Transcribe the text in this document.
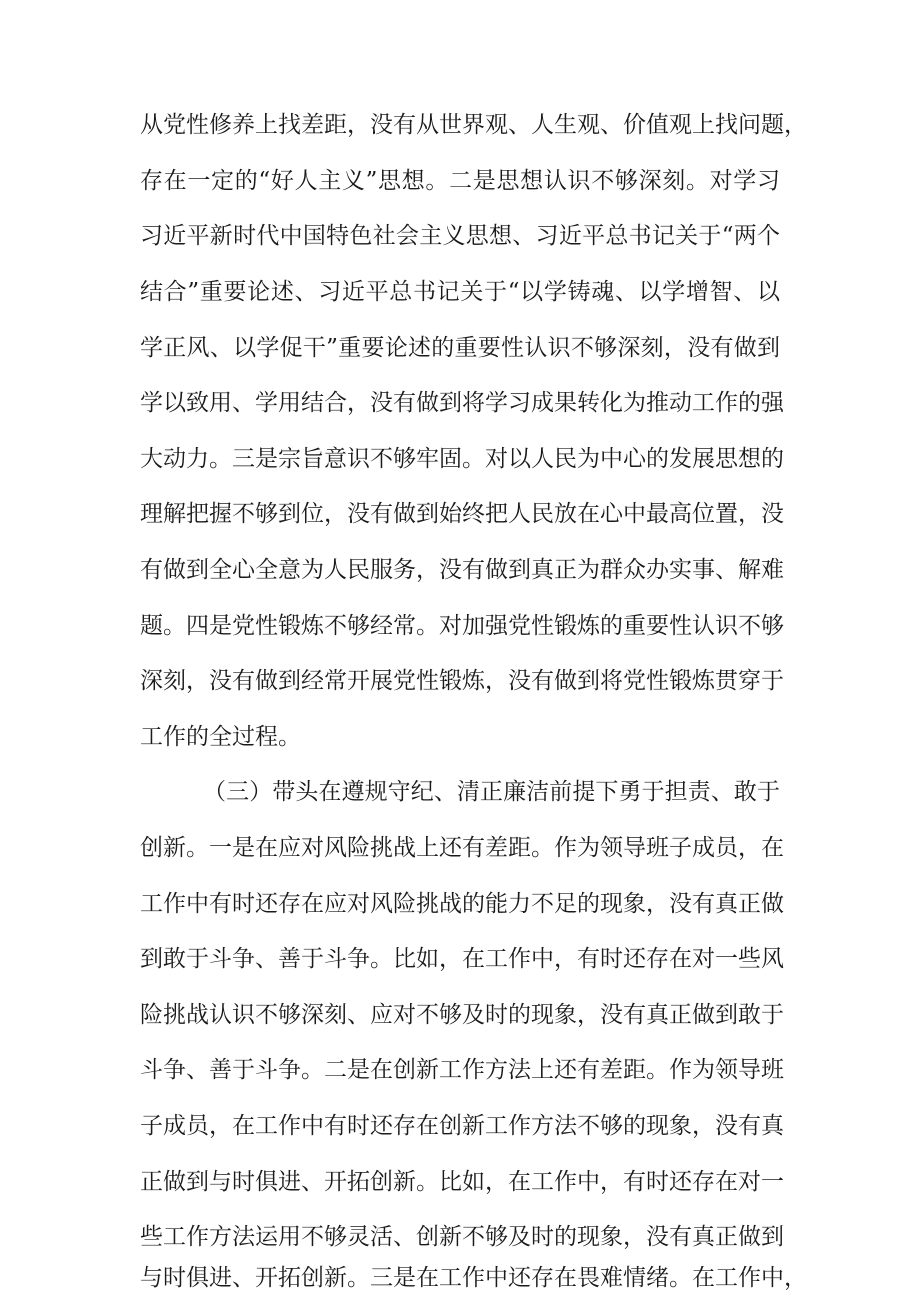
从党性修养上找差距，没有从世界观、人生观、价值观上找问题，
存在一定的“好人主义”思想。二是思想认识不够深刻。对学习
习近平新时代中国特色社会主义思想、习近平总书记关于“两个
结合”重要论述、习近平总书记关于“以学铸魂、以学增智、以
学正风、以学促干”重要论述的重要性认识不够深刻，没有做到
学以致用、学用结合，没有做到将学习成果转化为推动工作的强
大动力。三是宗旨意识不够牢固。对以人民为中心的发展思想的
理解把握不够到位，没有做到始终把人民放在心中最高位置，没
有做到全心全意为人民服务，没有做到真正为群众办实事、解难
题。四是党性锻炼不够经常。对加强党性锻炼的重要性认识不够
深刻，没有做到经常开展党性锻炼，没有做到将党性锻炼贯穿于
工作的全过程。
（三）带头在遵规守纪、清正廉洁前提下勇于担责、敢于
创新。一是在应对风险挑战上还有差距。作为领导班子成员，在
工作中有时还存在应对风险挑战的能力不足的现象，没有真正做
到敢于斗争、善于斗争。比如，在工作中，有时还存在对一些风
险挑战认识不够深刻、应对不够及时的现象，没有真正做到敢于
斗争、善于斗争。二是在创新工作方法上还有差距。作为领导班
子成员，在工作中有时还存在创新工作方法不够的现象，没有真
正做到与时俱进、开拓创新。比如，在工作中，有时还存在对一
些工作方法运用不够灵活、创新不够及时的现象，没有真正做到
与时俱进、开拓创新。三是在工作中还存在畏难情绪。在工作中，
